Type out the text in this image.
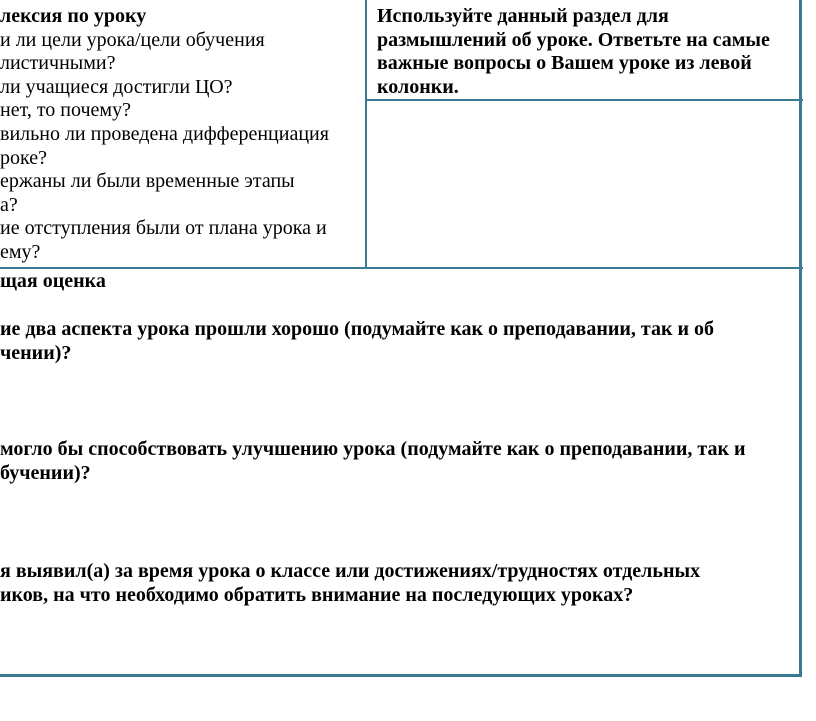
лексия по уроку
и ли цели урока/цели обучения
листичными?
ли учащиеся достигли ЦО?
нет, то почему?
вильно ли проведена дифференциация
роке?
ержаны ли были временные этапы
а?
ие отступления были от плана урока и
ему?
Используйте данный раздел для
размышлений об уроке. Ответьте на самые
важные вопросы о Вашем уроке из левой
колонки.
щая оценка
ие два аспекта урока прошли хорошо (подумайте как о преподавании, так и об
чении)?
могло бы способствовать улучшению урока (подумайте как о преподавании, так и
бучении)?
я выявил(а) за время урока о классе или достижениях/трудностях отдельных
иков, на что необходимо обратить внимание на последующих уроках?
